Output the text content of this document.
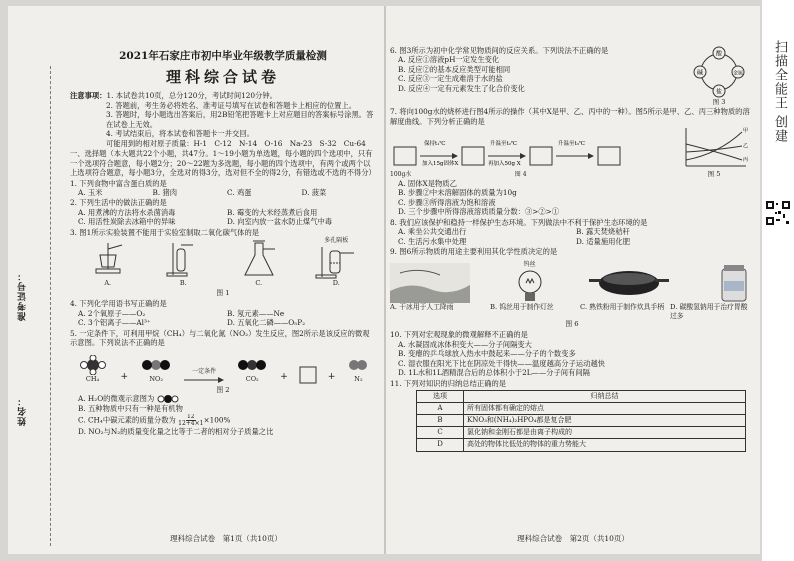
准考证号：
姓名：
2021年石家庄市初中毕业年级教学质量检测
理科综合试卷
注意事项：1. 本试卷共10页，总分120分，考试时间120分钟。
2. 答题前，考生务必将姓名、准考证号填写在试卷和答题卡上相应的位置上。
3. 答题时，每小题选出答案后，用2B铅笔把答题卡上对应题目的答案标号涂黑。答在试卷上无效。
4. 考试结束后，将本试卷和答题卡一并交回。
可能用到的相对原子质量：H-1　C-12　N-14　O-16　Na-23　S-32　Cu-64
一、选择题（本大题共22个小题，共47分。1～19小题为单选题，每小题的四个选项中，只有一个选项符合题意，每小题2分；20～22题为多选题，每小题的四个选项中，有两个或两个以上选项符合题意，每小题3分，全选对的得3分，选对但不全的得2分，有错选或不选的不得分）
1. 下列食物中富含蛋白质的是
A. 玉米	B. 猪肉	C. 鸡蛋	D. 菠菜
2. 下列生活中的做法正确的是
A. 用煮沸的方法将水杀菌消毒	B. 霉变的大米经蒸煮后食用
C. 用活性炭除去冰箱中的异味	D. 向室内放一盆水防止煤气中毒
3. 图1所示实验装置不能用于实验室制取二氧化碳气体的是
A.	B.	C.
多孔隔板
D.
图 1
4. 下列化学用语书写正确的是
A. 2个氧原子——O₂	B. 氖元素——Ne
C. 3个铝离子——Al³⁺	D. 五氧化二磷——O₅P₂
5. 一定条件下，可利用甲烷（CH₄）与二氧化氮（NO₂）发生反应，图2所示是该反应的微观示意图。下列说法不正确的是
CH₄ +	NO₂
一定条件
CO₂ +	+	N₂
图 2
A. H₂O的微观示意图为
B. 五种物质中只有一种是有机物
C. CH₄中碳元素的质量分数为 $\frac{12}{12+4\times 1} \times 100\%$
D. NO₂与N₂的质量变化量之比等于二者的相对分子质量之比
理科综合试卷　第1页（共10页）
6. 图3所示为初中化学常见物质间的反应关系。下列说法不正确的是
A. 反应①溶液pH一定发生变化
B. 反应②的基本反应类型可能相同
C. 反应③一定生成难溶于水的盐
D. 反应④一定有元素发生了化合价变化
酸
盐
碱	金属
图 3
7. 将向100g水的烧杯进行图4所示的操作（其中X是甲、乙、丙中的一种）。图5所示是甲、乙、丙三种物质的溶解度曲线。下列分析正确的是
保持t₁℃
加入15g固体X
升温至t₂℃
再加入50g X
升温至t₃℃
100g水	图 4
甲
乙
丙
图 5
A. 固体X是物质乙
B. 步骤②中未溶解固体的质量为10g
C. 步骤③所得溶液为饱和溶液
D. 三个步骤中所得溶液溶质质量分数：③>②>①
8. 我们应该保护和稳持一样保护生态环境。下列做法中不利于保护生态环境的是
A. 乘坐公共交通出行	B. 露天焚烧秸秆
C. 生活污水集中处理	D. 适量施用化肥
9. 图6所示物质的用途主要利用其化学性质决定的是
钨丝
A. 干冰用于人工降雨	B. 钨丝用于制作灯丝	C. 熟铁粉用于制作炊具手柄 D. 碳酸氢钠用于治疗胃酸过多
图 6
10. 下列对宏观现象的微观解释不正确的是
A. 水凝固成冰体积变大——分子间隔变大
B. 变瘪的乒乓球放入热水中鼓起来——分子的个数变多
C. 湿衣服在阳光下比在阴凉处干得快——温度越高分子运动越快
D. 1L水和1L酒精混合后的总体积小于2L——分子间有间隔
11. 下列对知识的归纳总结正确的是
选项	归纳总结
A	所有固体都有确定的熔点
B	KNO₃和(NH₄)₂HPO₄都是复合肥
C	氯化钠和金刚石都是由离子构成的
D	高处的物体比低处的物体的重力势能大
理科综合试卷　第2页（共10页）
扫描全能王 创建
